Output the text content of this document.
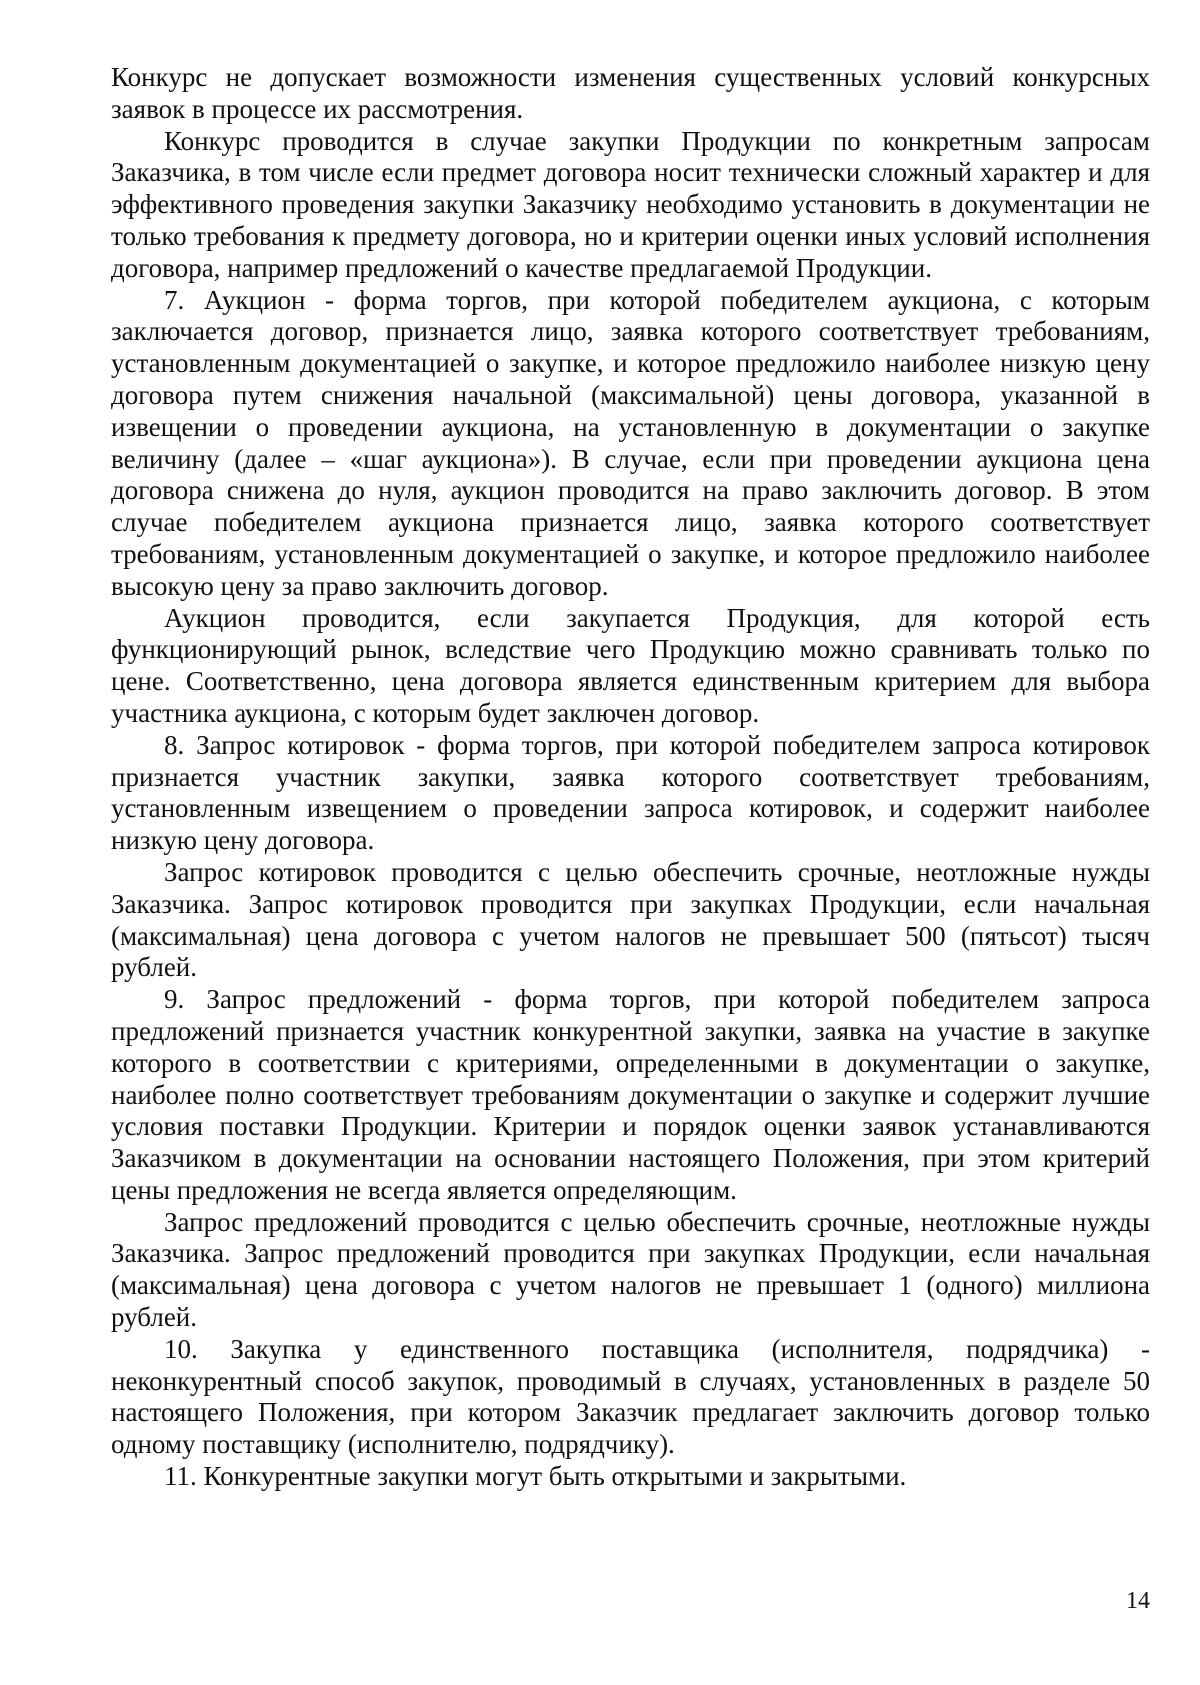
Конкурс не допускает возможности изменения существенных условий конкурсных заявок в процессе их рассмотрения.

Конкурс проводится в случае закупки Продукции по конкретным запросам Заказчика, в том числе если предмет договора носит технически сложный характер и для эффективного проведения закупки Заказчику необходимо установить в документации не только требования к предмету договора, но и критерии оценки иных условий исполнения договора, например предложений о качестве предлагаемой Продукции.

7. Аукцион - форма торгов, при которой победителем аукциона, с которым заключается договор, признается лицо, заявка которого соответствует требованиям, установленным документацией о закупке, и которое предложило наиболее низкую цену договора путем снижения начальной (максимальной) цены договора, указанной в извещении о проведении аукциона, на установленную в документации о закупке величину (далее – «шаг аукциона»). В случае, если при проведении аукциона цена договора снижена до нуля, аукцион проводится на право заключить договор. В этом случае победителем аукциона признается лицо, заявка которого соответствует требованиям, установленным документацией о закупке, и которое предложило наиболее высокую цену за право заключить договор.

Аукцион проводится, если закупается Продукция, для которой есть функционирующий рынок, вследствие чего Продукцию можно сравнивать только по цене. Соответственно, цена договора является единственным критерием для выбора участника аукциона, с которым будет заключен договор.

8. Запрос котировок - форма торгов, при которой победителем запроса котировок признается участник закупки, заявка которого соответствует требованиям, установленным извещением о проведении запроса котировок, и содержит наиболее низкую цену договора.

Запрос котировок проводится с целью обеспечить срочные, неотложные нужды Заказчика. Запрос котировок проводится при закупках Продукции, если начальная (максимальная) цена договора с учетом налогов не превышает 500 (пятьсот) тысяч рублей.

9. Запрос предложений - форма торгов, при которой победителем запроса предложений признается участник конкурентной закупки, заявка на участие в закупке которого в соответствии с критериями, определенными в документации о закупке, наиболее полно соответствует требованиям документации о закупке и содержит лучшие условия поставки Продукции. Критерии и порядок оценки заявок устанавливаются Заказчиком в документации на основании настоящего Положения, при этом критерий цены предложения не всегда является определяющим.

Запрос предложений проводится с целью обеспечить срочные, неотложные нужды Заказчика. Запрос предложений проводится при закупках Продукции, если начальная (максимальная) цена договора с учетом налогов не превышает 1 (одного) миллиона рублей.

10. Закупка у единственного поставщика (исполнителя, подрядчика) - неконкурентный способ закупок, проводимый в случаях, установленных в разделе 50 настоящего Положения, при котором Заказчик предлагает заключить договор только одному поставщику (исполнителю, подрядчику).

11. Конкурентные закупки могут быть открытыми и закрытыми.

14
